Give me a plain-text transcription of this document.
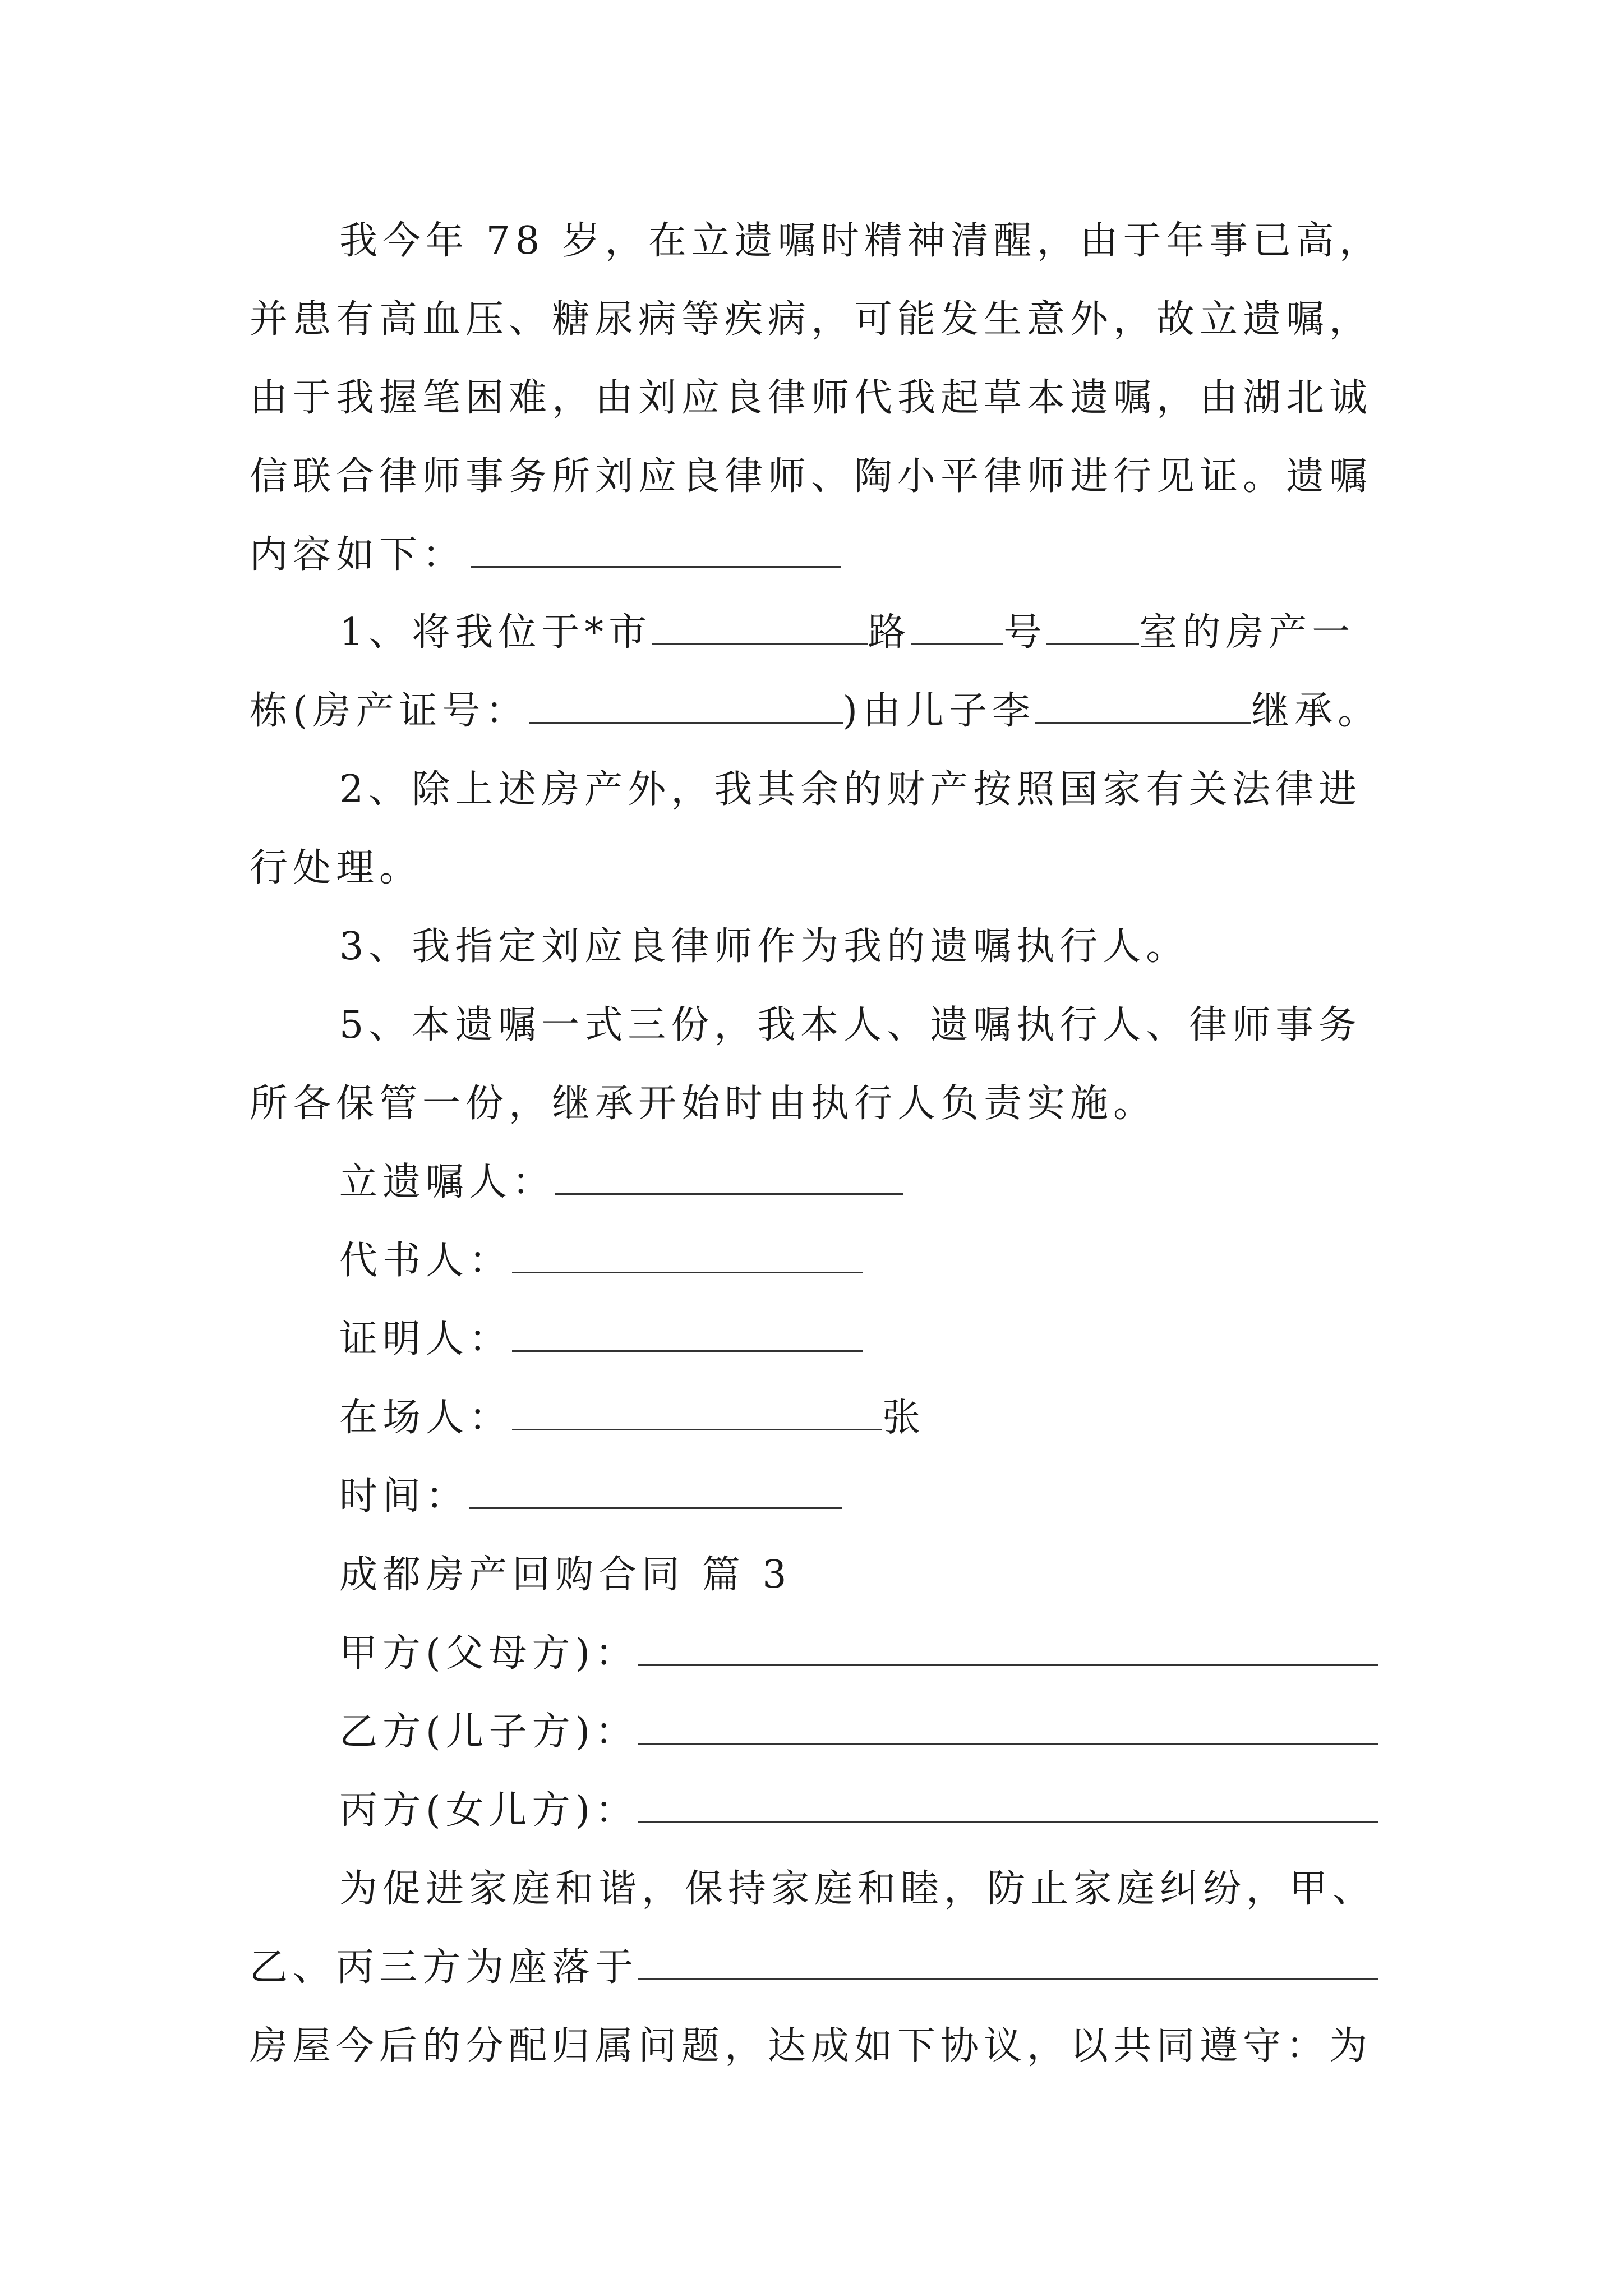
我今年 78 岁，在立遗嘱时精神清醒，由于年事已高，
并患有高血压、糖尿病等疾病，可能发生意外，故立遗嘱，
由于我握笔困难，由刘应良律师代我起草本遗嘱，由湖北诚
信联合律师事务所刘应良律师、陶小平律师进行见证。遗嘱
内容如下：
1、将我位于*市	路 号 室的房产一
栋(房产证号：	)由儿子李	继承。
2、除上述房产外，我其余的财产按照国家有关法律进
行处理。
3、我指定刘应良律师作为我的遗嘱执行人。
5、本遗嘱一式三份，我本人、遗嘱执行人、律师事务
所各保管一份，继承开始时由执行人负责实施。
立遗嘱人：
代书人：
证明人：
在场人：	张
时间：
成都房产回购合同 篇 3
甲方(父母方)：
乙方(儿子方)：
丙方(女儿方)：
为促进家庭和谐，保持家庭和睦，防止家庭纠纷，甲、
乙、丙三方为座落于
房屋今后的分配归属问题，达成如下协议，以共同遵守：为
